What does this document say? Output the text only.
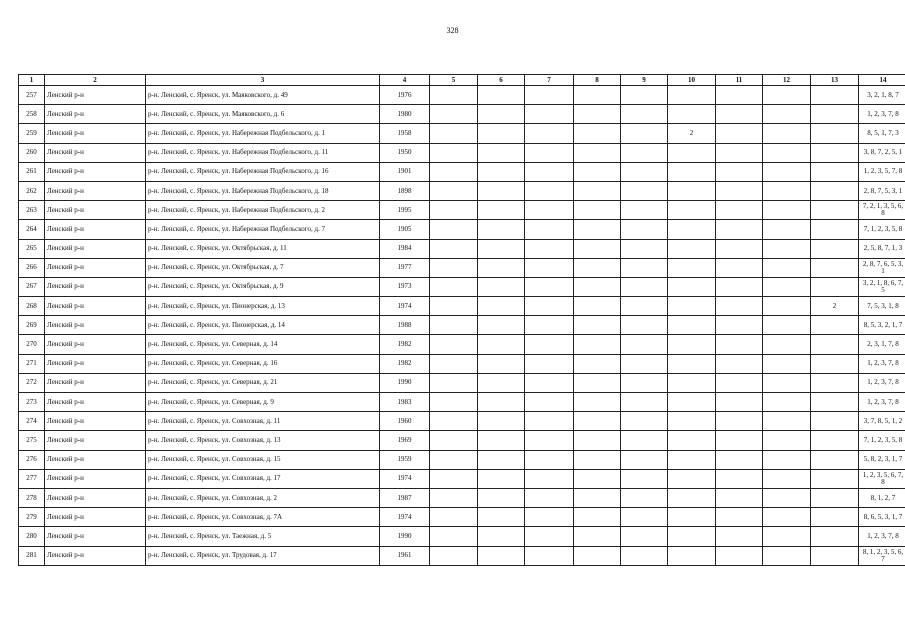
328
1	2	3	4	5	6	7	8	9	10	11	12	13	14
257	Ленский р-н	р-н. Ленский, с. Яренск, ул. Маяковского, д. 49	1976										3, 2, 1, 8, 7
258	Ленский р-н	р-н. Ленский, с. Яренск, ул. Маяковского, д. 6	1980										1, 2, 3, 7, 8
259	Ленский р-н	р-н. Ленский, с. Яренск, ул. Набережная Подбельского, д. 1	1958						2				8, 5, 1, 7, 3
260	Ленский р-н	р-н. Ленский, с. Яренск, ул. Набережная Подбельского, д. 11	1950										3, 8, 7, 2, 5, 1
261	Ленский р-н	р-н. Ленский, с. Яренск, ул. Набережная Подбельского, д. 16	1901										1, 2, 3, 5, 7, 8
262	Ленский р-н	р-н. Ленский, с. Яренск, ул. Набережная Подбельского, д. 18	1898										2, 8, 7, 5, 3, 1
263	Ленский р-н	р-н. Ленский, с. Яренск, ул. Набережная Подбельского, д. 2	1995										7, 2, 1, 3, 5, 6, 8
264	Ленский р-н	р-н. Ленский, с. Яренск, ул. Набережная Подбельского, д. 7	1905										7, 1, 2, 3, 5, 8
265	Ленский р-н	р-н. Ленский, с. Яренск, ул. Октябрьская, д. 11	1984										2, 5, 8, 7, 1, 3
266	Ленский р-н	р-н. Ленский, с. Яренск, ул. Октябрьская, д. 7	1977										2, 8, 7, 6, 5, 3, 1
267	Ленский р-н	р-н. Ленский, с. Яренск, ул. Октябрьская, д. 9	1973										3, 2, 1, 8, 6, 7, 5
268	Ленский р-н	р-н. Ленский, с. Яренск, ул. Пионерская, д. 13	1974									2	7, 5, 3, 1, 8
269	Ленский р-н	р-н. Ленский, с. Яренск, ул. Пионерская, д. 14	1988										8, 5, 3, 2, 1, 7
270	Ленский р-н	р-н. Ленский, с. Яренск, ул. Северная, д. 14	1982										2, 3, 1, 7, 8
271	Ленский р-н	р-н. Ленский, с. Яренск, ул. Северная, д. 16	1982										1, 2, 3, 7, 8
272	Ленский р-н	р-н. Ленский, с. Яренск, ул. Северная, д. 21	1990										1, 2, 3, 7, 8
273	Ленский р-н	р-н. Ленский, с. Яренск, ул. Северная, д. 9	1983										1, 2, 3, 7, 8
274	Ленский р-н	р-н. Ленский, с. Яренск, ул. Совхозная, д. 11	1960										3, 7, 8, 5, 1, 2
275	Ленский р-н	р-н. Ленский, с. Яренск, ул. Совхозная, д. 13	1969										7, 1, 2, 3, 5, 8
276	Ленский р-н	р-н. Ленский, с. Яренск, ул. Совхозная, д. 15	1959										5, 8, 2, 3, 1, 7
277	Ленский р-н	р-н. Ленский, с. Яренск, ул. Совхозная, д. 17	1974										1, 2, 3, 5, 6, 7, 8
278	Ленский р-н	р-н. Ленский, с. Яренск, ул. Совхозная, д. 2	1987										8, 1, 2, 7
279	Ленский р-н	р-н. Ленский, с. Яренск, ул. Совхозная, д. 7А	1974										8, 6, 5, 3, 1, 7
280	Ленский р-н	р-н. Ленский, с. Яренск, ул. Таежная, д. 5	1990										1, 2, 3, 7, 8
281	Ленский р-н	р-н. Ленский, с. Яренск, ул. Трудовая, д. 17	1961										8, 1, 2, 3, 5, 6, 7
